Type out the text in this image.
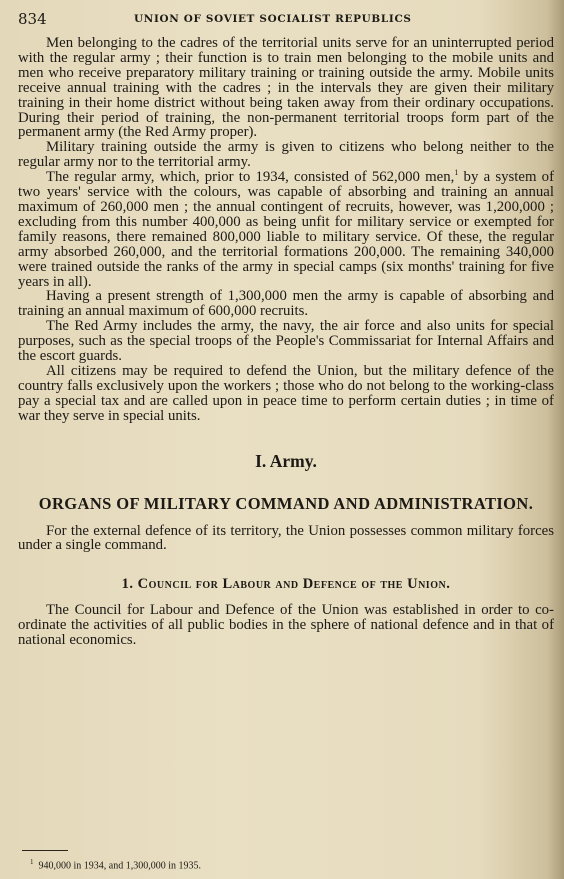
834	UNION OF SOVIET SOCIALIST REPUBLICS

Men belonging to the cadres of the territorial units serve for an uninterrupted period with the regular army ; their function is to train men belonging to the mobile units and men who receive preparatory military training or training outside the army. Mobile units receive annual training with the cadres ; in the intervals they are given their military training in their home district without being taken away from their ordinary occupations. During their period of training, the non-permanent territorial troops form part of the permanent army (the Red Army proper).

Military training outside the army is given to citizens who belong neither to the regular army nor to the territorial army.

The regular army, which, prior to 1934, consisted of 562,000 men,$^1$ by a system of two years' service with the colours, was capable of absorbing and training an annual maximum of 260,000 men ; the annual contingent of recruits, however, was 1,200,000 ; excluding from this number 400,000 as being unfit for military service or exempted for family reasons, there remained 800,000 liable to military service. Of these, the regular army absorbed 260,000, and the territorial formations 200,000. The remaining 340,000 were trained outside the ranks of the army in special camps (six months' training for five years in all).

Having a present strength of 1,300,000 men the army is capable of absorbing and training an annual maximum of 600,000 recruits.

The Red Army includes the army, the navy, the air force and also units for special purposes, such as the special troops of the People's Commissariat for Internal Affairs and the escort guards.

All citizens may be required to defend the Union, but the military defence of the country falls exclusively upon the workers ; those who do not belong to the working-class pay a special tax and are called upon in peace time to perform certain duties ; in time of war they serve in special units.

I. Army.
ORGANS OF MILITARY COMMAND AND ADMINISTRATION.

For the external defence of its territory, the Union possesses common military forces under a single command.

1. Council for Labour and Defence of the Union.

The Council for Labour and Defence of the Union was established in order to co-ordinate the activities of all public bodies in the sphere of national defence and in that of national economics.

$^1$ 940,000 in 1934, and 1,300,000 in 1935.
